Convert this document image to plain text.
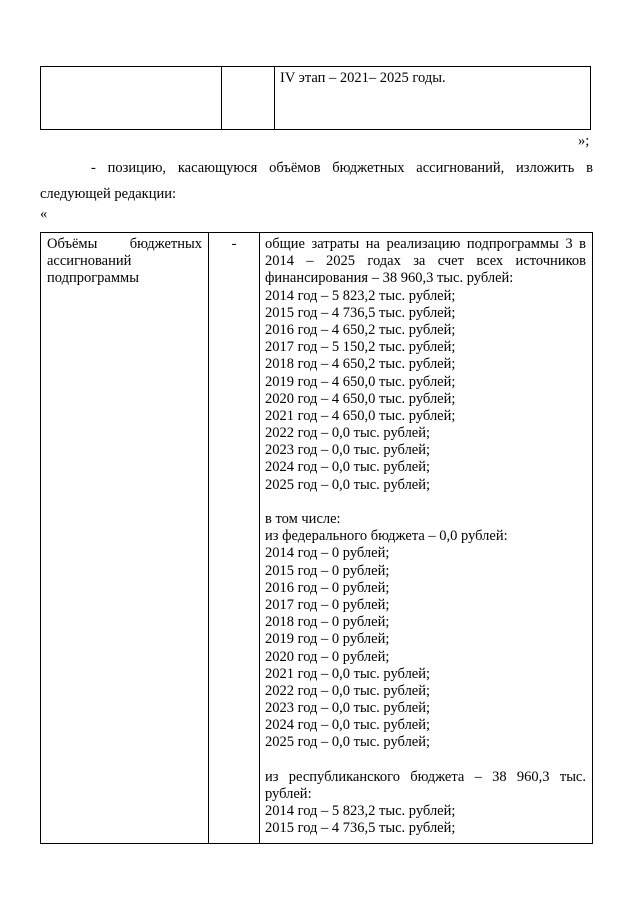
IV этап – 2021– 2025 годы.
»;
- позицию, касающуюся объёмов бюджетных ассигнований, изложить в следующей редакции:
«
Объёмы бюджетных ассигнований подпрограммы
-	общие затраты на реализацию подпрограммы 3 в 2014 – 2025 годах за счет всех источников финансирования – 38 960,3 тыс. рублей:
2014 год – 5 823,2 тыс. рублей;
2015 год – 4 736,5 тыс. рублей;
2016 год – 4 650,2 тыс. рублей;
2017 год – 5 150,2 тыс. рублей;
2018 год – 4 650,2 тыс. рублей;
2019 год – 4 650,0 тыс. рублей;
2020 год – 4 650,0 тыс. рублей;
2021 год – 4 650,0 тыс. рублей;
2022 год – 0,0 тыс. рублей;
2023 год – 0,0 тыс. рублей;
2024 год – 0,0 тыс. рублей;
2025 год – 0,0 тыс. рублей;
в том числе:
из федерального бюджета – 0,0 рублей:
2014 год – 0 рублей;
2015 год – 0 рублей;
2016 год – 0 рублей;
2017 год – 0 рублей;
2018 год – 0 рублей;
2019 год – 0 рублей;
2020 год – 0 рублей;
2021 год – 0,0 тыс. рублей;
2022 год – 0,0 тыс. рублей;
2023 год – 0,0 тыс. рублей;
2024 год – 0,0 тыс. рублей;
2025 год – 0,0 тыс. рублей;
из республиканского бюджета – 38 960,3 тыс. рублей:
2014 год – 5 823,2 тыс. рублей;
2015 год – 4 736,5 тыс. рублей;
